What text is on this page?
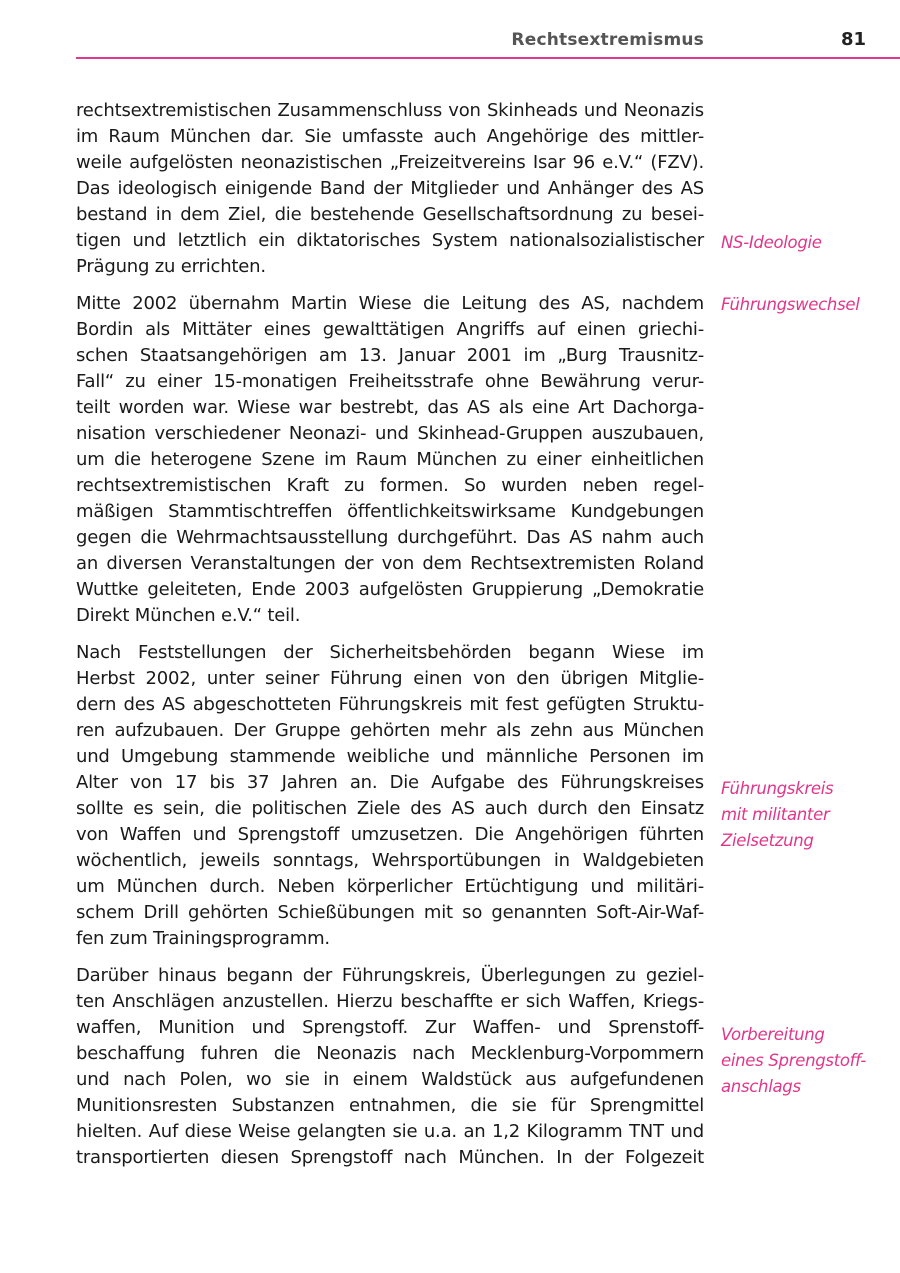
Rechtsextremismus	81

rechtsextremistischen Zusammenschluss von Skinheads und Neonazis
im Raum München dar. Sie umfasste auch Angehörige des mittler-
weile aufgelösten neonazistischen „Freizeitvereins Isar 96 e.V.“ (FZV).
Das ideologisch einigende Band der Mitglieder und Anhänger des AS
bestand in dem Ziel, die bestehende Gesellschaftsordnung zu besei-
tigen und letztlich ein diktatorisches System nationalsozialistischer
Prägung zu errichten.

Mitte 2002 übernahm Martin Wiese die Leitung des AS, nachdem
Bordin als Mittäter eines gewalttätigen Angriffs auf einen griechi-
schen Staatsangehörigen am 13. Januar 2001 im „Burg Trausnitz-
Fall“ zu einer 15-monatigen Freiheitsstrafe ohne Bewährung verur-
teilt worden war. Wiese war bestrebt, das AS als eine Art Dachorga-
nisation verschiedener Neonazi- und Skinhead-Gruppen auszubauen,
um die heterogene Szene im Raum München zu einer einheitlichen
rechtsextremistischen Kraft zu formen. So wurden neben regel-
mäßigen Stammtischtreffen öffentlichkeitswirksame Kundgebungen
gegen die Wehrmachtsausstellung durchgeführt. Das AS nahm auch
an diversen Veranstaltungen der von dem Rechtsextremisten Roland
Wuttke geleiteten, Ende 2003 aufgelösten Gruppierung „Demokratie
Direkt München e.V.“ teil.

Nach Feststellungen der Sicherheitsbehörden begann Wiese im
Herbst 2002, unter seiner Führung einen von den übrigen Mitglie-
dern des AS abgeschotteten Führungskreis mit fest gefügten Struktu-
ren aufzubauen. Der Gruppe gehörten mehr als zehn aus München
und Umgebung stammende weibliche und männliche Personen im
Alter von 17 bis 37 Jahren an. Die Aufgabe des Führungskreises
sollte es sein, die politischen Ziele des AS auch durch den Einsatz
von Waffen und Sprengstoff umzusetzen. Die Angehörigen führten
wöchentlich, jeweils sonntags, Wehrsportübungen in Waldgebieten
um München durch. Neben körperlicher Ertüchtigung und militäri-
schem Drill gehörten Schießübungen mit so genannten Soft-Air-Waf-
fen zum Trainingsprogramm.

Darüber hinaus begann der Führungskreis, Überlegungen zu geziel-
ten Anschlägen anzustellen. Hierzu beschaffte er sich Waffen, Kriegs-
waffen, Munition und Sprengstoff. Zur Waffen- und Sprenstoff-
beschaffung fuhren die Neonazis nach Mecklenburg-Vorpommern
und nach Polen, wo sie in einem Waldstück aus aufgefundenen
Munitionsresten Substanzen entnahmen, die sie für Sprengmittel
hielten. Auf diese Weise gelangten sie u.a. an 1,2 Kilogramm TNT und
transportierten diesen Sprengstoff nach München. In der Folgezeit

NS-Ideologie
Führungswechsel
Führungskreis
mit militanter
Zielsetzung
Vorbereitung
eines Sprengstoff-
anschlags
